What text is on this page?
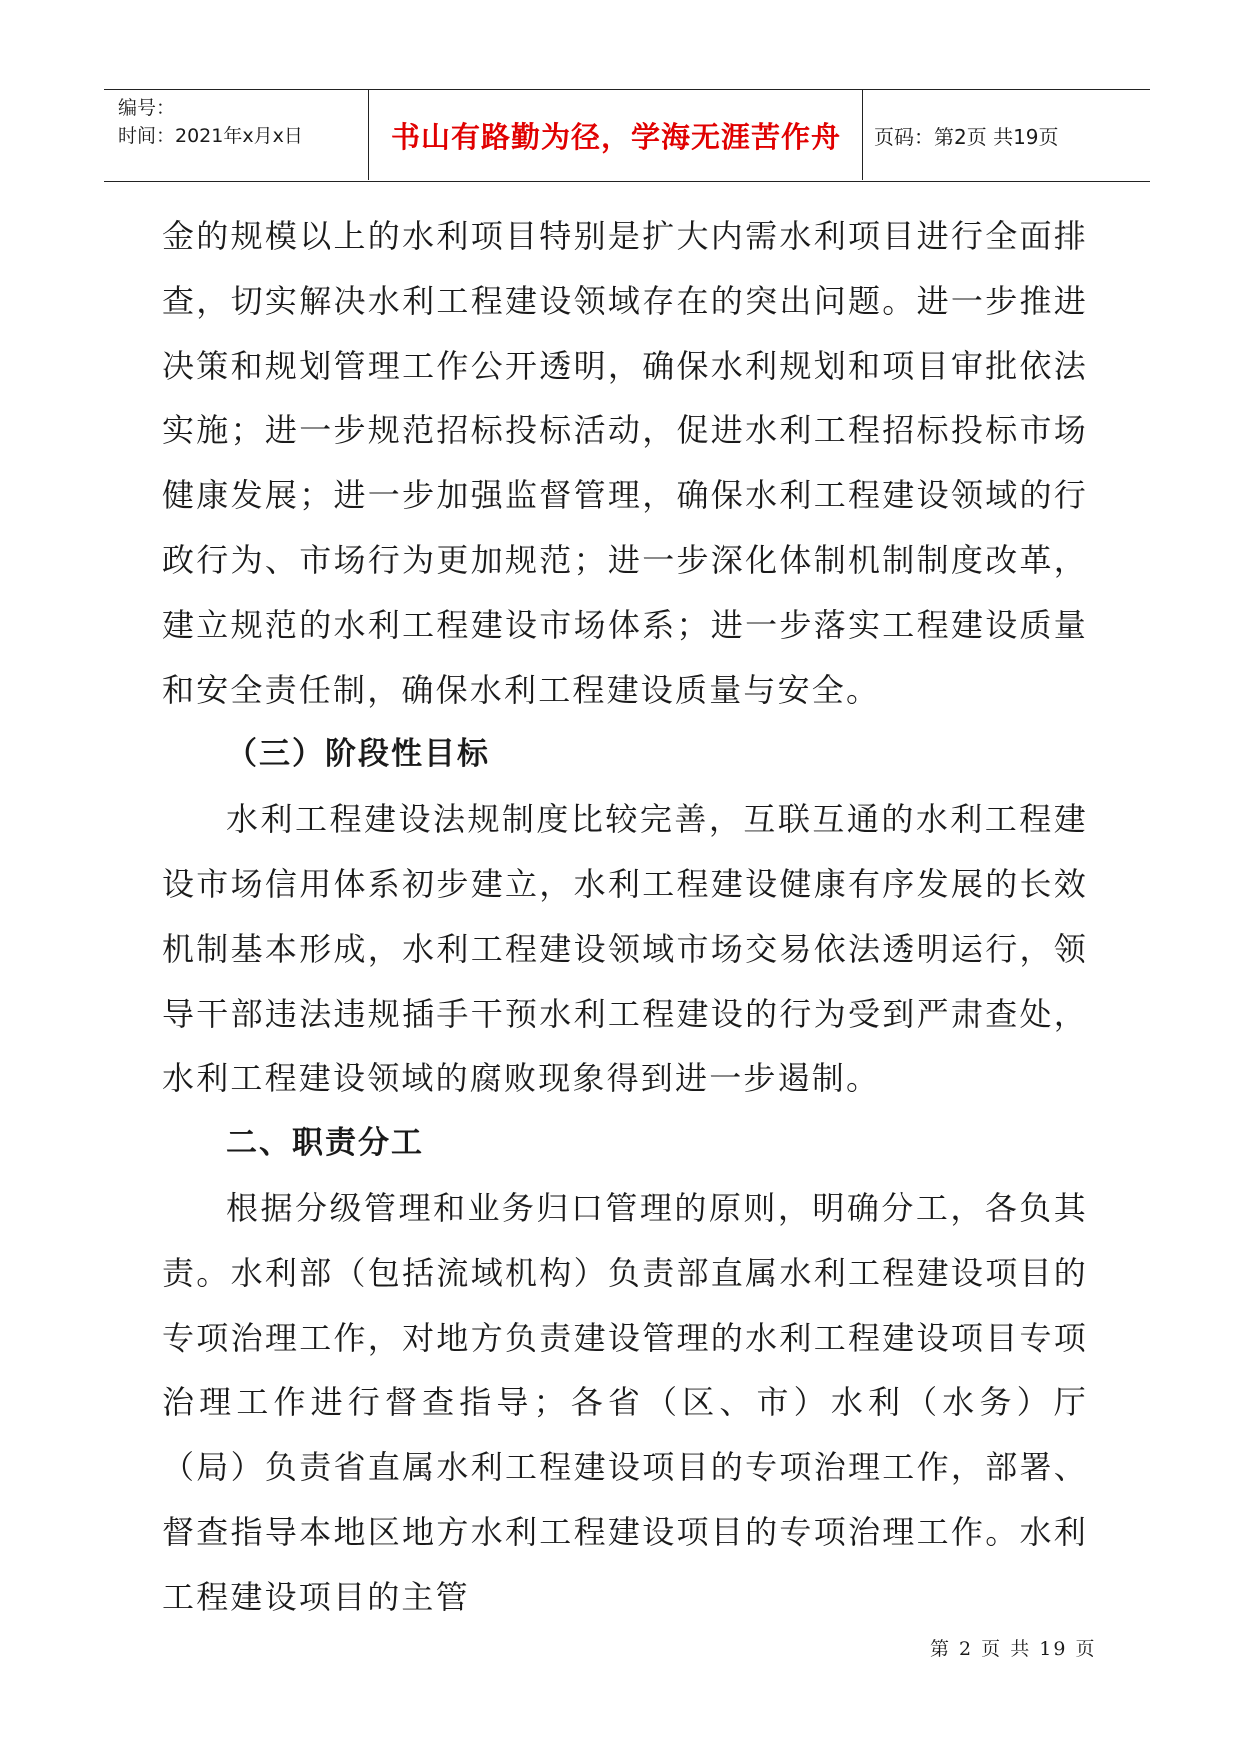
编号：
时间：2021年x月x日	书山有路勤为径，学海无涯苦作舟	页码：第2页 共19页

金的规模以上的水利项目特别是扩大内需水利项目进行全面排查，切实解决水利工程建设领域存在的突出问题。进一步推进决策和规划管理工作公开透明，确保水利规划和项目审批依法实施；进一步规范招标投标活动，促进水利工程招标投标市场健康发展；进一步加强监督管理，确保水利工程建设领域的行政行为、市场行为更加规范；进一步深化体制机制制度改革，建立规范的水利工程建设市场体系；进一步落实工程建设质量和安全责任制，确保水利工程建设质量与安全。

（三）阶段性目标

水利工程建设法规制度比较完善，互联互通的水利工程建设市场信用体系初步建立，水利工程建设健康有序发展的长效机制基本形成，水利工程建设领域市场交易依法透明运行，领导干部违法违规插手干预水利工程建设的行为受到严肃查处，水利工程建设领域的腐败现象得到进一步遏制。

二、职责分工

根据分级管理和业务归口管理的原则，明确分工，各负其责。水利部（包括流域机构）负责部直属水利工程建设项目的专项治理工作，对地方负责建设管理的水利工程建设项目专项治理工作进行督查指导；各省（区、市）水利（水务）厅（局）负责省直属水利工程建设项目的专项治理工作，部署、督查指导本地区地方水利工程建设项目的专项治理工作。水利工程建设项目的主管

第 2 页 共 19 页
